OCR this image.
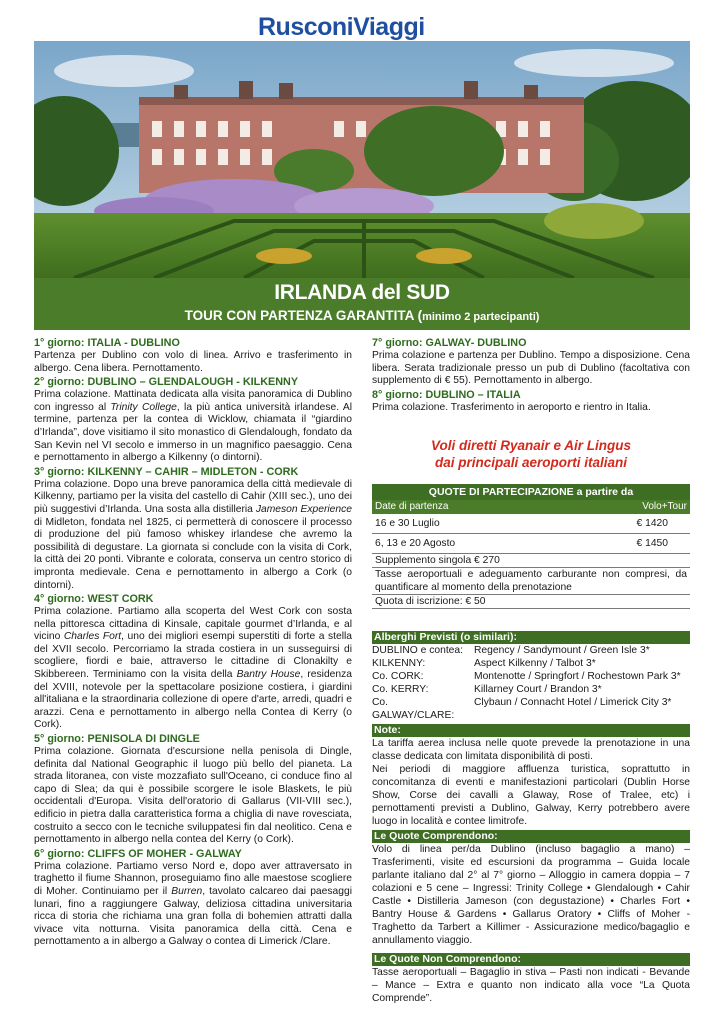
RusconiViaggi
IRLANDA del SUD
TOUR CON PARTENZA GARANTITA (minimo 2 partecipanti)
1° giorno: ITALIA - DUBLINO
Partenza per Dublino con volo di linea. Arrivo e trasferimento in albergo. Cena libera. Pernottamento.
2° giorno: DUBLINO – GLENDALOUGH - KILKENNY
Prima colazione. Mattinata dedicata alla visita panoramica di Dublino con ingresso al Trinity College, la più antica università irlandese. Al termine, partenza per la contea di Wicklow, chiamata il “giardino d’Irlanda”, dove visitiamo il sito monastico di Glendalough, fondato da San Kevin nel VI secolo e immerso in un magnifico paesaggio. Cena e pernottamento in albergo a Kilkenny (o dintorni).
3° giorno: KILKENNY – CAHIR – MIDLETON - CORK
Prima colazione. Dopo una breve panoramica della città medievale di Kilkenny, partiamo per la visita del castello di Cahir (XIII sec.), uno dei più suggestivi d’Irlanda. Una sosta alla distilleria Jameson Experience di Midleton, fondata nel 1825, ci permetterà di conoscere il processo di produzione del più famoso whiskey irlandese che avremo la possibilità di degustare. La giornata si conclude con la visita di Cork, la città dei 20 ponti. Vibrante e colorata, conserva un centro storico di impronta medievale. Cena e pernottamento in albergo a Cork (o dintorni).
4° giorno: WEST CORK
Prima colazione. Partiamo alla scoperta del West Cork con sosta nella pittoresca cittadina di Kinsale, capitale gourmet d’Irlanda, e al vicino Charles Fort, uno dei migliori esempi superstiti di forte a stella del XVII secolo. Percorriamo la strada costiera in un susseguirsi di scogliere, fiordi e baie, attraverso le cittadine di Clonakilty e Skibbereen. Terminiamo con la visita della Bantry House, residenza del XVIII, notevole per la spettacolare posizione costiera, i giardini all'italiana e la straordinaria collezione di opere d'arte, arredi, quadri e arazzi. Cena e pernottamento in albergo nella Contea di Kerry (o Cork).
5° giorno: PENISOLA DI DINGLE
Prima colazione. Giornata d'escursione nella penisola di Dingle, definita dal National Geographic il luogo più bello del pianeta. La strada litoranea, con viste mozzafiato sull'Oceano, ci conduce fino al capo di Slea; da qui è possibile scorgere le isole Blaskets, le più occidentali d'Europa. Visita dell'oratorio di Gallarus (VII-VIII sec.), edificio in pietra dalla caratteristica forma a chiglia di nave rovesciata, costruito a secco con le tecniche sviluppatesi fin dal neolitico. Cena e pernottamento in albergo nella contea del Kerry (o Cork).
6° giorno: CLIFFS OF MOHER - GALWAY
Prima colazione. Partiamo verso Nord e, dopo aver attraversato in traghetto il fiume Shannon, proseguiamo fino alle maestose scogliere di Moher. Continuiamo per il Burren, tavolato calcareo dai paesaggi lunari, fino a raggiungere Galway, deliziosa cittadina universitaria ricca di storia che richiama una gran folla di bohemien attratti dalla vivace vita notturna. Visita panoramica della città. Cena e pernottamento a in albergo a Galway o contea di Limerick /Clare.
7° giorno: GALWAY- DUBLINO
Prima colazione e partenza per Dublino. Tempo a disposizione. Cena libera. Serata tradizionale presso un pub di Dublino (facoltativa con supplemento di € 55). Pernottamento in albergo.
8° giorno: DUBLINO – ITALIA
Prima colazione. Trasferimento in aeroporto e rientro in Italia.
Voli diretti Ryanair e Air Lingus
dai principali aeroporti italiani
QUOTE DI PARTECIPAZIONE a partire da
Date di partenza	Volo+Tour
16 e 30 Luglio	€ 1420
6, 13 e 20 Agosto	€ 1450
Supplemento singola € 270
Tasse aeroportuali e adeguamento carburante non compresi, da quantificare al momento della prenotazione
Quota di iscrizione: € 50
Alberghi Previsti (o similari):
DUBLINO e contea:	Regency / Sandymount / Green Isle 3*
KILKENNY:	Aspect Kilkenny / Talbot 3*
Co. CORK:	Montenotte / Springfort / Rochestown Park 3*
Co. KERRY:	Killarney Court / Brandon 3*
Co. GALWAY/CLARE:
Clybaun / Connacht Hotel / Limerick City 3*
Note:
La tariffa aerea inclusa nelle quote prevede la prenotazione in una classe dedicata con limitata disponibilità di posti.
Nei periodi di maggiore affluenza turistica, soprattutto in concomitanza di eventi e manifestazioni particolari (Dublin Horse Show, Corse dei cavalli a Glaway, Rose of Tralee, etc) i pernottamenti previsti a Dublino, Galway, Kerry potrebbero avere luogo in località e contee limitrofe.
Le Quote Comprendono:
Volo di linea per/da Dublino (incluso bagaglio a mano) – Trasferimenti, visite ed escursioni da programma – Guida locale parlante italiano dal 2° al 7° giorno – Alloggio in camera doppia – 7 colazioni e 5 cene – Ingressi: Trinity College • Glendalough • Cahir Castle • Distilleria Jameson (con degustazione) • Charles Fort • Bantry House & Gardens • Gallarus Oratory • Cliffs of Moher - Traghetto da Tarbert a Killimer - Assicurazione medico/bagaglio e annullamento viaggio.
Le Quote Non Comprendono:
Tasse aeroportuali – Bagaglio in stiva – Pasti non indicati - Bevande – Mance – Extra e quanto non indicato alla voce “La Quota Comprende”.
